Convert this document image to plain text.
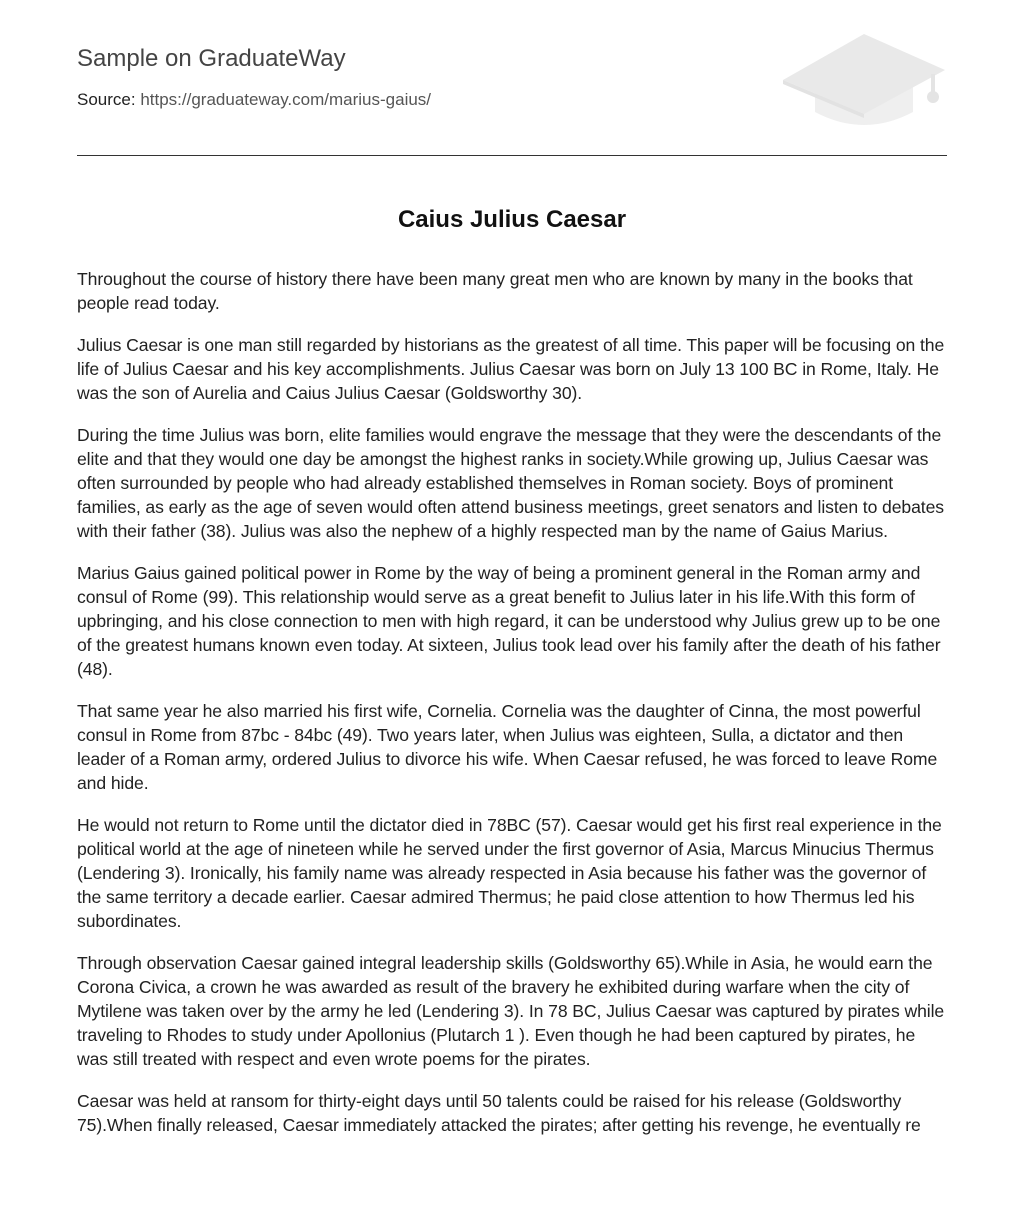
Sample on GraduateWay
Source: https://graduateway.com/marius-gaius/
Caius Julius Caesar

Throughout the course of history there have been many great men who are known by many in the books that people read today.

Julius Caesar is one man still regarded by historians as the greatest of all time. This paper will be focusing on the life of Julius Caesar and his key accomplishments. Julius Caesar was born on July 13 100 BC in Rome, Italy. He was the son of Aurelia and Caius Julius Caesar (Goldsworthy 30).

During the time Julius was born, elite families would engrave the message that they were the descendants of the elite and that they would one day be amongst the highest ranks in society.While growing up, Julius Caesar was often surrounded by people who had already established themselves in Roman society. Boys of prominent families, as early as the age of seven would often attend business meetings, greet senators and listen to debates with their father (38). Julius was also the nephew of a highly respected man by the name of Gaius Marius.

Marius Gaius gained political power in Rome by the way of being a prominent general in the Roman army and consul of Rome (99). This relationship would serve as a great benefit to Julius later in his life.With this form of upbringing, and his close connection to men with high regard, it can be understood why Julius grew up to be one of the greatest humans known even today. At sixteen, Julius took lead over his family after the death of his father (48).

That same year he also married his first wife, Cornelia. Cornelia was the daughter of Cinna, the most powerful consul in Rome from 87bc - 84bc (49). Two years later, when Julius was eighteen, Sulla, a dictator and then leader of a Roman army, ordered Julius to divorce his wife. When Caesar refused, he was forced to leave Rome and hide.

He would not return to Rome until the dictator died in 78BC (57). Caesar would get his first real experience in the political world at the age of nineteen while he served under the first governor of Asia, Marcus Minucius Thermus (Lendering 3). Ironically, his family name was already respected in Asia because his father was the governor of the same territory a decade earlier. Caesar admired Thermus; he paid close attention to how Thermus led his subordinates.

Through observation Caesar gained integral leadership skills (Goldsworthy 65).While in Asia, he would earn the Corona Civica, a crown he was awarded as result of the bravery he exhibited during warfare when the city of Mytilene was taken over by the army he led (Lendering 3). In 78 BC, Julius Caesar was captured by pirates while traveling to Rhodes to study under Apollonius (Plutarch 1 ). Even though he had been captured by pirates, he was still treated with respect and even wrote poems for the pirates.

Caesar was held at ransom for thirty-eight days until 50 talents could be raised for his release (Goldsworthy 75).When finally released, Caesar immediately attacked the pirates; after getting his revenge, he eventually re
